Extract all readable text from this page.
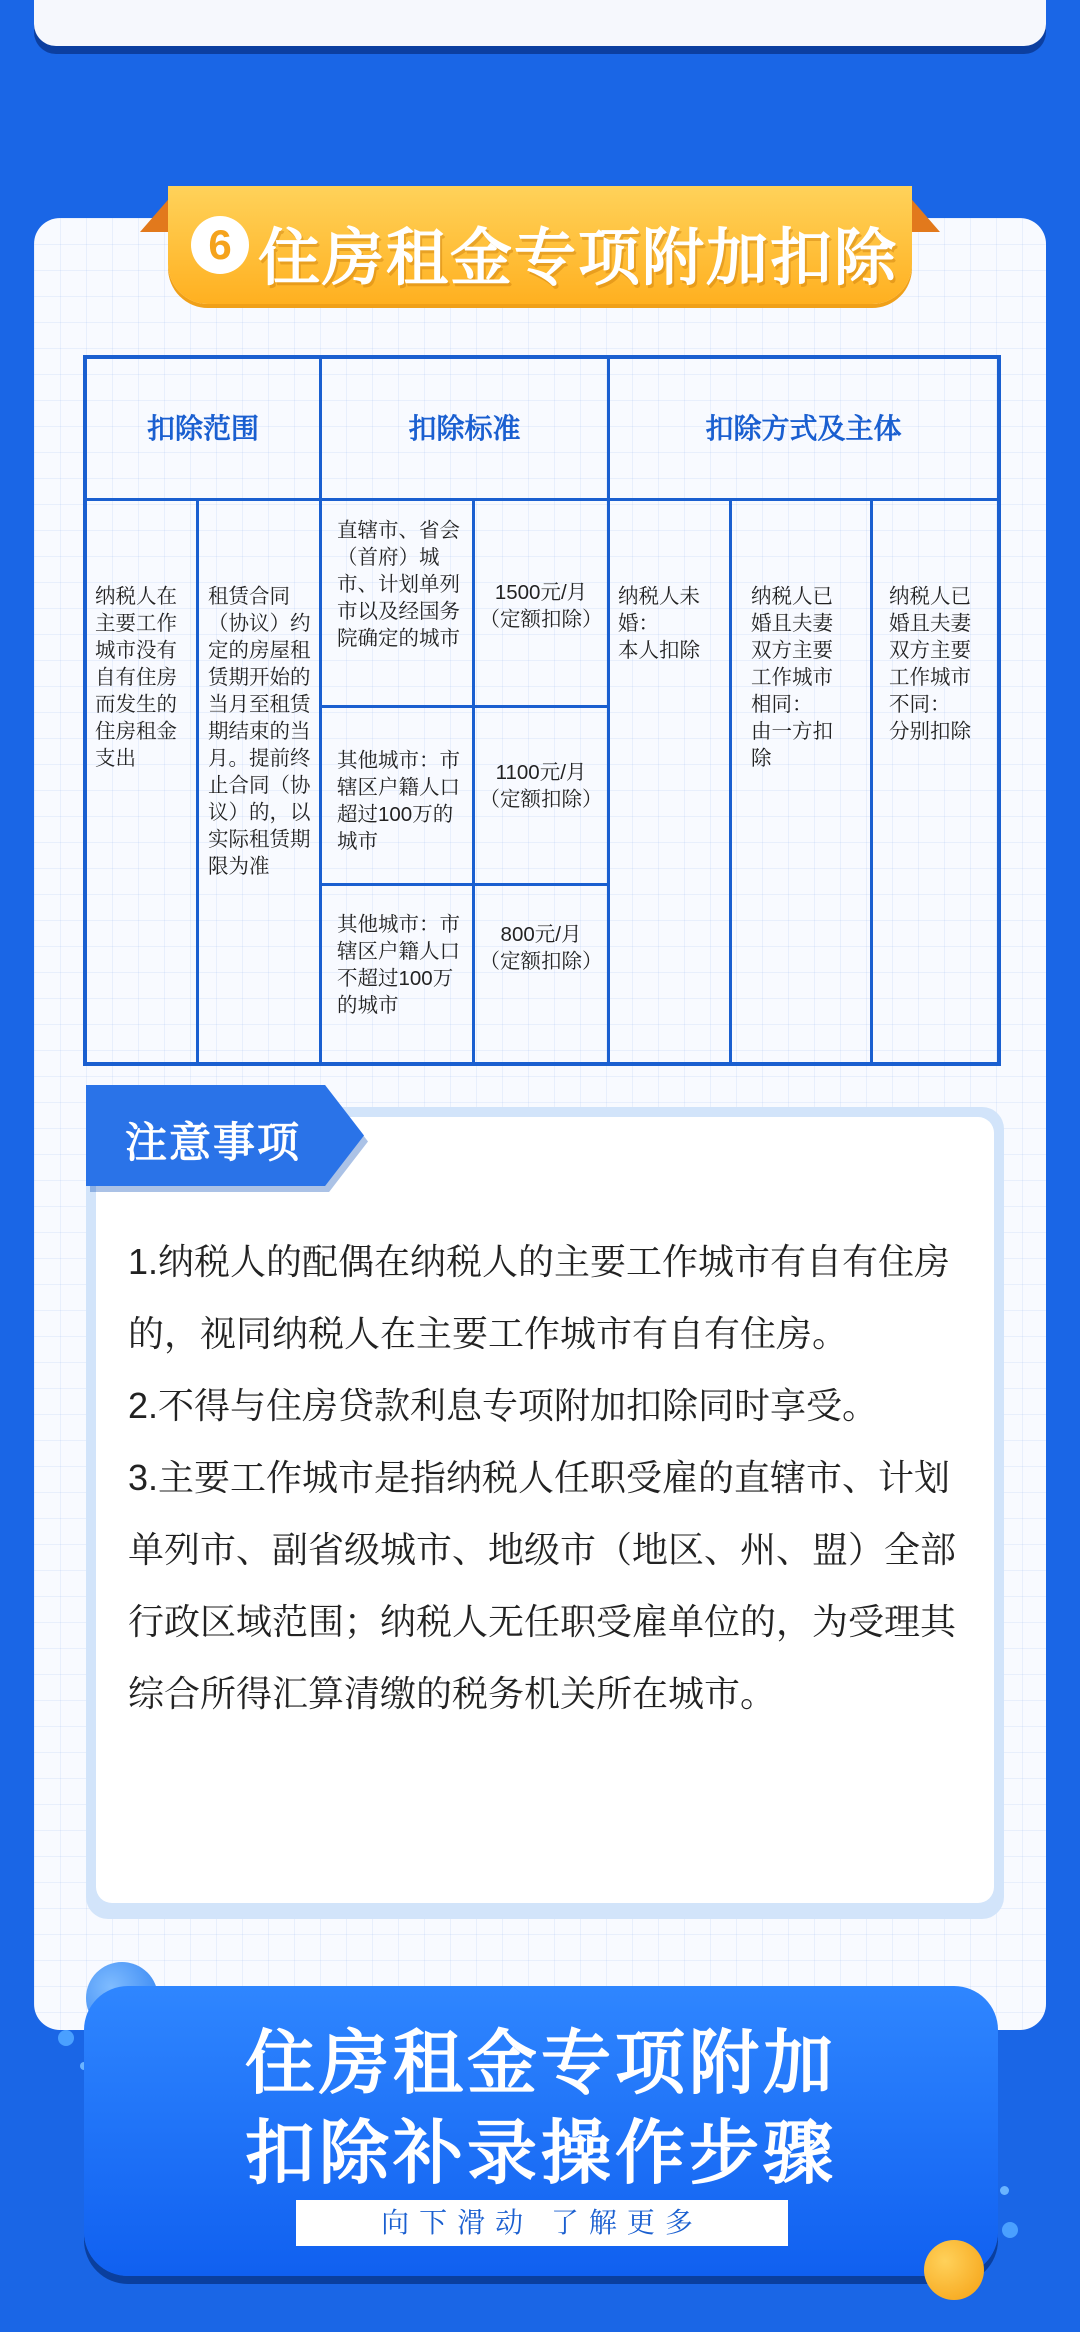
6 住房租金专项附加扣除
扣除范围	扣除标准	扣除方式及主体
纳税人在主要工作城市没有自有住房而发生的住房租金支出
租赁合同（协议）约定的房屋租赁期开始的当月至租赁期结束的当月。提前终止合同（协议）的，以实际租赁期限为准
直辖市、省会（首府）城市、计划单列市以及经国务院确定的城市
1500元/月
（定额扣除）
其他城市：市辖区户籍人口超过100万的城市
1100元/月
（定额扣除）
其他城市：市辖区户籍人口不超过100万的城市
800元/月
（定额扣除）
纳税人未婚：
本人扣除
纳税人已婚且夫妻双方主要工作城市相同：
由一方扣除
纳税人已婚且夫妻双方主要工作城市不同：
分别扣除
注意事项

1.纳税人的配偶在纳税人的主要工作城市有自有住房的，视同纳税人在主要工作城市有自有住房。

2.不得与住房贷款利息专项附加扣除同时享受。

3.主要工作城市是指纳税人任职受雇的直辖市、计划单列市、副省级城市、地级市（地区、州、盟）全部行政区域范围；纳税人无任职受雇单位的，为受理其综合所得汇算清缴的税务机关所在城市。

住房租金专项附加
扣除补录操作步骤
向下滑动 了解更多
